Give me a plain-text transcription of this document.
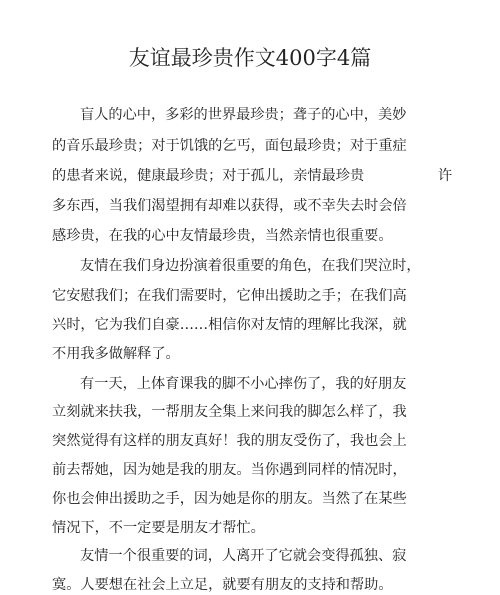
友谊最珍贵作文400字4篇
盲人的心中，多彩的世界最珍贵；聋子的心中，美妙
的音乐最珍贵；对于饥饿的乞丐，面包最珍贵；对于重症
的患者来说，健康最珍贵；对于孤儿，亲情最珍贵	许
多东西，当我们渴望拥有却难以获得，或不幸失去时会倍
感珍贵，在我的心中友情最珍贵，当然亲情也很重要。
友情在我们身边扮演着很重要的角色，在我们哭泣时，
它安慰我们；在我们需要时，它伸出援助之手；在我们高
兴时，它为我们自豪……相信你对友情的理解比我深，就
不用我多做解释了。
有一天，上体育课我的脚不小心摔伤了，我的好朋友
立刻就来扶我，一帮朋友全集上来问我的脚怎么样了，我
突然觉得有这样的朋友真好！我的朋友受伤了，我也会上
前去帮她，因为她是我的朋友。当你遇到同样的情况时，
你也会伸出援助之手，因为她是你的朋友。当然了在某些
情况下，不一定要是朋友才帮忙。
友情一个很重要的词，人离开了它就会变得孤独、寂
寞。人要想在社会上立足，就要有朋友的支持和帮助。
